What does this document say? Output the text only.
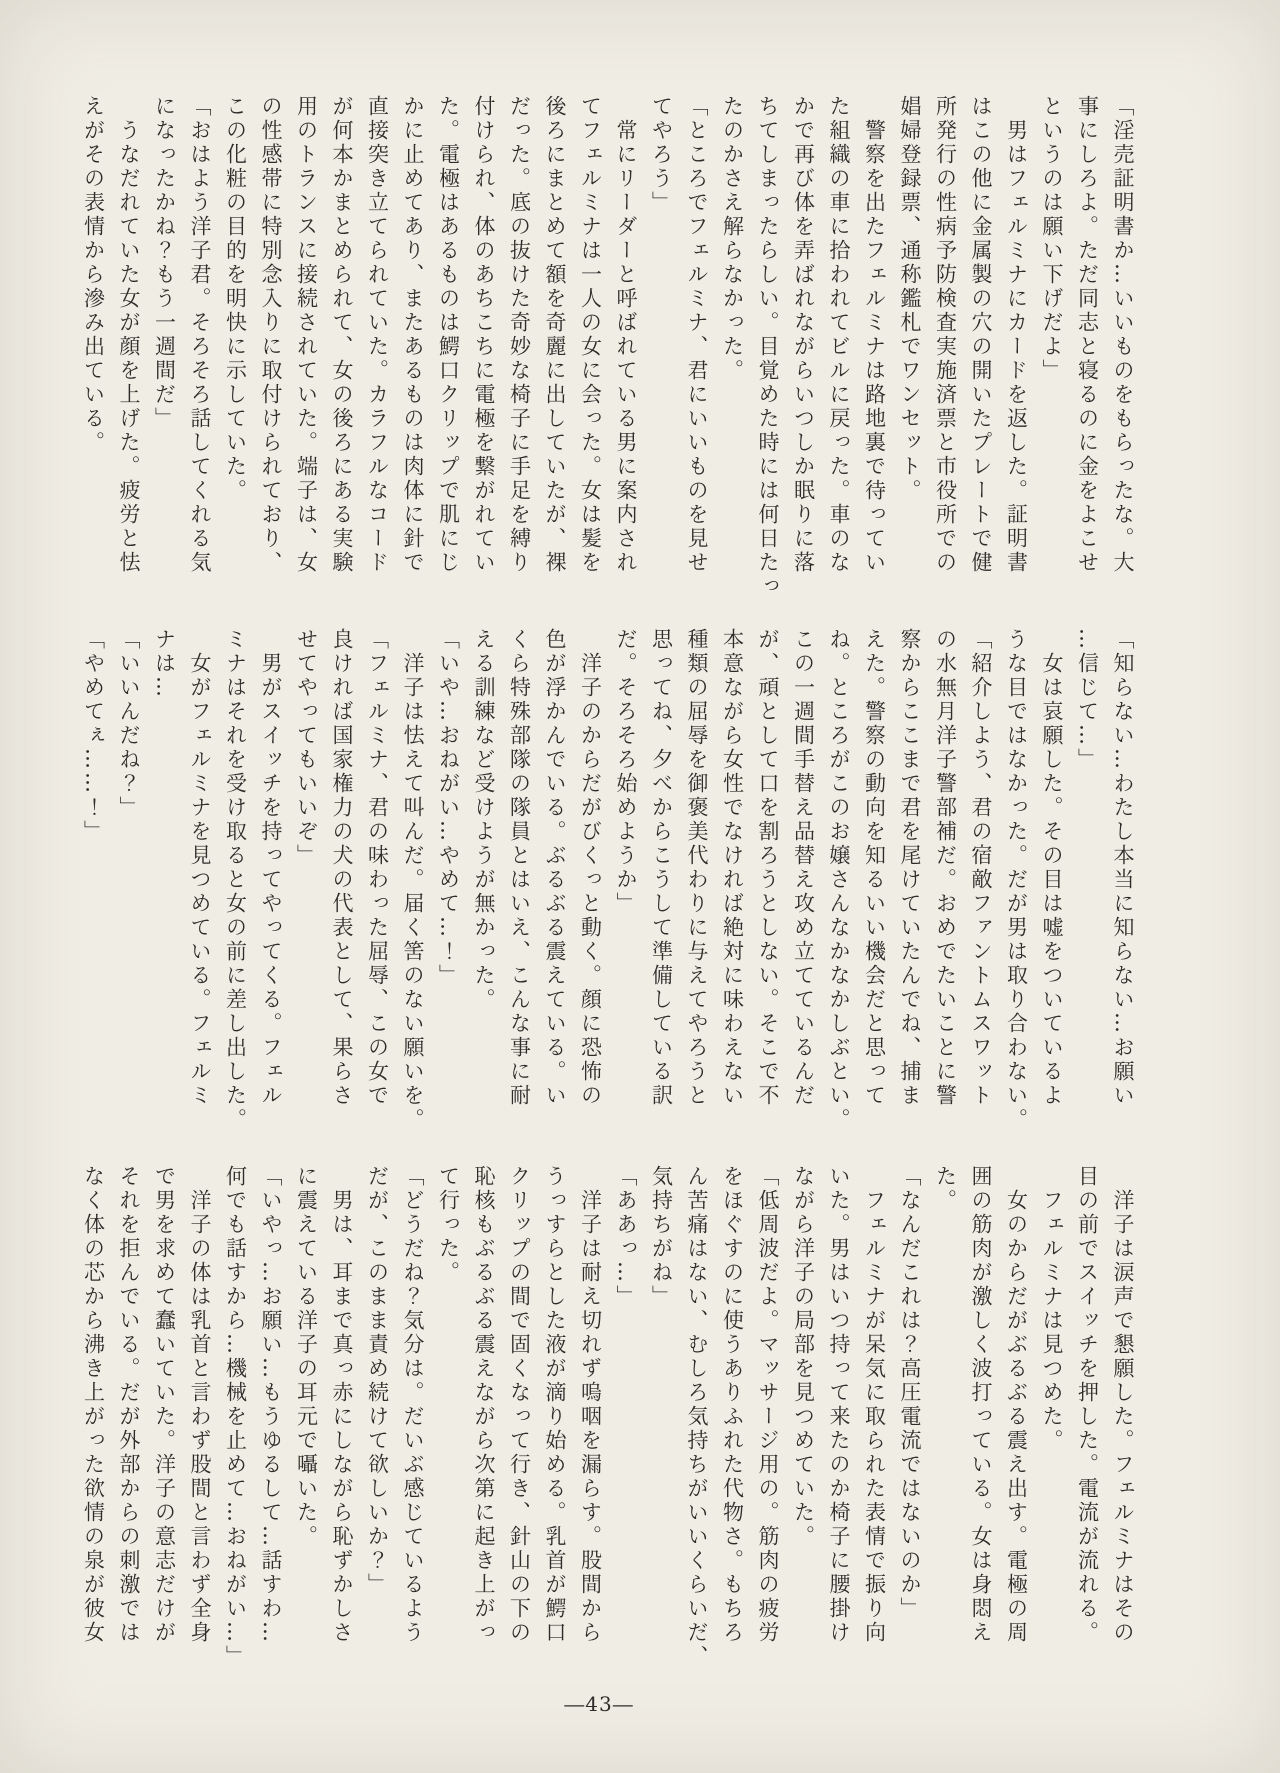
「淫売証明書か…いいものをもらったな。大

事にしろよ。ただ同志と寝るのに金をよこせ

というのは願い下げだよ」

　男はフェルミナにカードを返した。証明書

はこの他に金属製の穴の開いたプレートで健

所発行の性病予防検査実施済票と市役所での

娼婦登録票、通称鑑札でワンセット。

　警察を出たフェルミナは路地裏で待ってい

た組織の車に拾われてビルに戻った。車のな

かで再び体を弄ばれながらいつしか眠りに落

ちてしまったらしい。目覚めた時には何日たっ

たのかさえ解らなかった。

「ところでフェルミナ、君にいいものを見せ

てやろう」

　常にリーダーと呼ばれている男に案内され

てフェルミナは一人の女に会った。女は髪を

後ろにまとめて額を奇麗に出していたが、裸

だった。底の抜けた奇妙な椅子に手足を縛り

付けられ、体のあちこちに電極を繋がれてい

た。電極はあるものは鰐口クリップで肌にじ

かに止めてあり、またあるものは肉体に針で

直接突き立てられていた。カラフルなコード

が何本かまとめられて、女の後ろにある実験

用のトランスに接続されていた。端子は、女

の性感帯に特別念入りに取付けられており、

この化粧の目的を明快に示していた。

「おはよう洋子君。そろそろ話してくれる気

になったかね？もう一週間だ」

　うなだれていた女が顔を上げた。疲労と怯

えがその表情から滲み出ている。

「知らない…わたし本当に知らない…お願い

…信じて…」

　女は哀願した。その目は嘘をついているよ

うな目ではなかった。だが男は取り合わない。

「紹介しよう、君の宿敵ファントムスワット

の水無月洋子警部補だ。おめでたいことに警

察からここまで君を尾けていたんでね、捕ま

えた。警察の動向を知るいい機会だと思って

ね。ところがこのお嬢さんなかなかしぶとい。

この一週間手替え品替え攻め立てているんだ

が、頑として口を割ろうとしない。そこで不

本意ながら女性でなければ絶対に味わえない

種類の屈辱を御褒美代わりに与えてやろうと

思ってね、夕べからこうして準備している訳

だ。そろそろ始めようか」

　洋子のからだがびくっと動く。顔に恐怖の

色が浮かんでいる。ぶるぶる震えている。い

くら特殊部隊の隊員とはいえ、こんな事に耐

える訓練など受けようが無かった。

「いや…おねがい…やめて…！」

　洋子は怯えて叫んだ。届く筈のない願いを。

「フェルミナ、君の味わった屈辱、この女で

良ければ国家権力の犬の代表として、果らさ

せてやってもいいぞ」

　男がスイッチを持ってやってくる。フェル

ミナはそれを受け取ると女の前に差し出した。

　女がフェルミナを見つめている。フェルミ

ナは…

「いいんだね？」

「やめてぇ……！」

　洋子は涙声で懇願した。フェルミナはその

目の前でスイッチを押した。電流が流れる。

　フェルミナは見つめた。

　女のからだがぶるぶる震え出す。電極の周

囲の筋肉が激しく波打っている。女は身悶え

た。

「なんだこれは？高圧電流ではないのか」

　フェルミナが呆気に取られた表情で振り向

いた。男はいつ持って来たのか椅子に腰掛け

ながら洋子の局部を見つめていた。

「低周波だよ。マッサージ用の。筋肉の疲労

をほぐすのに使うありふれた代物さ。もちろ

ん苦痛はない、むしろ気持ちがいいくらいだ、

気持ちがね」

「ああっ…」

　洋子は耐え切れず嗚咽を漏らす。股間から

うっすらとした液が滴り始める。乳首が鰐口

クリップの間で固くなって行き、針山の下の

恥核もぶるぶる震えながら次第に起き上がっ

て行った。

「どうだね？気分は。だいぶ感じているよう

だが、このまま責め続けて欲しいか？」

　男は、耳まで真っ赤にしながら恥ずかしさ

に震えている洋子の耳元で囁いた。

「いやっ…お願い…もうゆるして…話すわ…

何でも話すから…機械を止めて…おねがい…」

　洋子の体は乳首と言わず股間と言わず全身

で男を求めて蠢いていた。洋子の意志だけが

それを拒んでいる。だが外部からの刺激では

なく体の芯から沸き上がった欲情の泉が彼女

―43―
